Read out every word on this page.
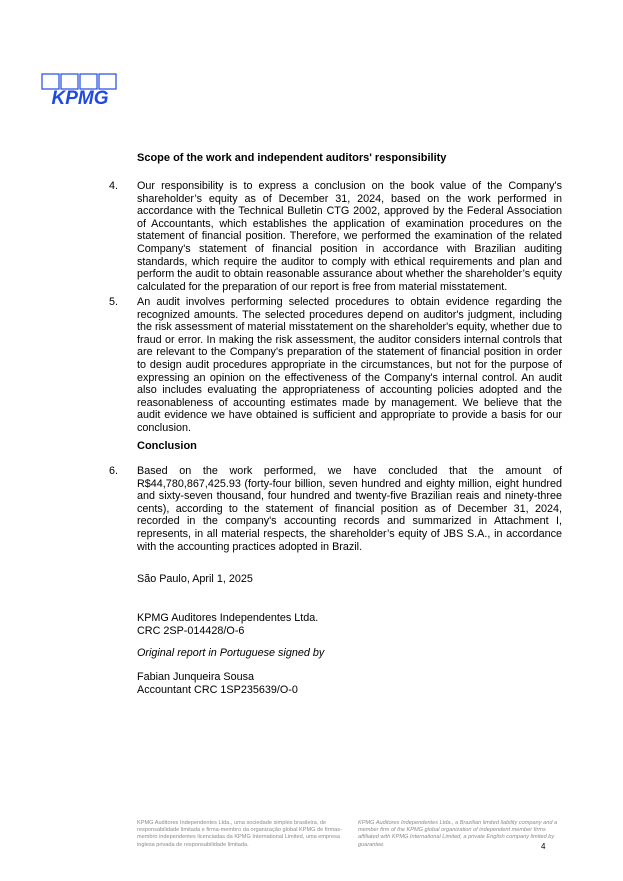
KPMG
Scope of the work and independent auditors' responsibility
4. Our responsibility is to express a conclusion on the book value of the Company's shareholder’s equity as of December 31, 2024, based on the work performed in accordance with the Technical Bulletin CTG 2002, approved by the Federal Association of Accountants, which establishes the application of examination procedures on the statement of financial position. Therefore, we performed the examination of the related Company's statement of financial position in accordance with Brazilian auditing standards, which require the auditor to comply with ethical requirements and plan and perform the audit to obtain reasonable assurance about whether the shareholder’s equity calculated for the preparation of our report is free from material misstatement.
5. An audit involves performing selected procedures to obtain evidence regarding the recognized amounts. The selected procedures depend on auditor's judgment, including the risk assessment of material misstatement on the shareholder's equity, whether due to fraud or error. In making the risk assessment, the auditor considers internal controls that are relevant to the Company's preparation of the statement of financial position in order to design audit procedures appropriate in the circumstances, but not for the purpose of expressing an opinion on the effectiveness of the Company's internal control. An audit also includes evaluating the appropriateness of accounting policies adopted and the reasonableness of accounting estimates made by management. We believe that the audit evidence we have obtained is sufficient and appropriate to provide a basis for our conclusion.
Conclusion
6. Based on the work performed, we have concluded that the amount of R$44,780,867,425.93 (forty-four billion, seven hundred and eighty million, eight hundred and sixty-seven thousand, four hundred and twenty-five Brazilian reais and ninety-three cents), according to the statement of financial position as of December 31, 2024, recorded in the company's accounting records and summarized in Attachment I, represents, in all material respects, the shareholder’s equity of JBS S.A., in accordance with the accounting practices adopted in Brazil.
São Paulo, April 1, 2025
KPMG Auditores Independentes Ltda.
CRC 2SP-014428/O-6
Original report in Portuguese signed by
Fabian Junqueira Sousa
Accountant CRC 1SP235639/O-0
KPMG Auditores Independentes Ltda., uma sociedade simples brasileira, de responsabilidade limitada e firma-membro da organização global KPMG de firmas-membro independentes licenciadas da KPMG International Limited, uma empresa inglesa privada de responsabilidade limitada.
KPMG Auditores Independentes Ltda., a Brazilian limited liability company and a member firm of the KPMG global organization of independent member firms affiliated with KPMG International Limited, a private English company limited by guarantee.	4
